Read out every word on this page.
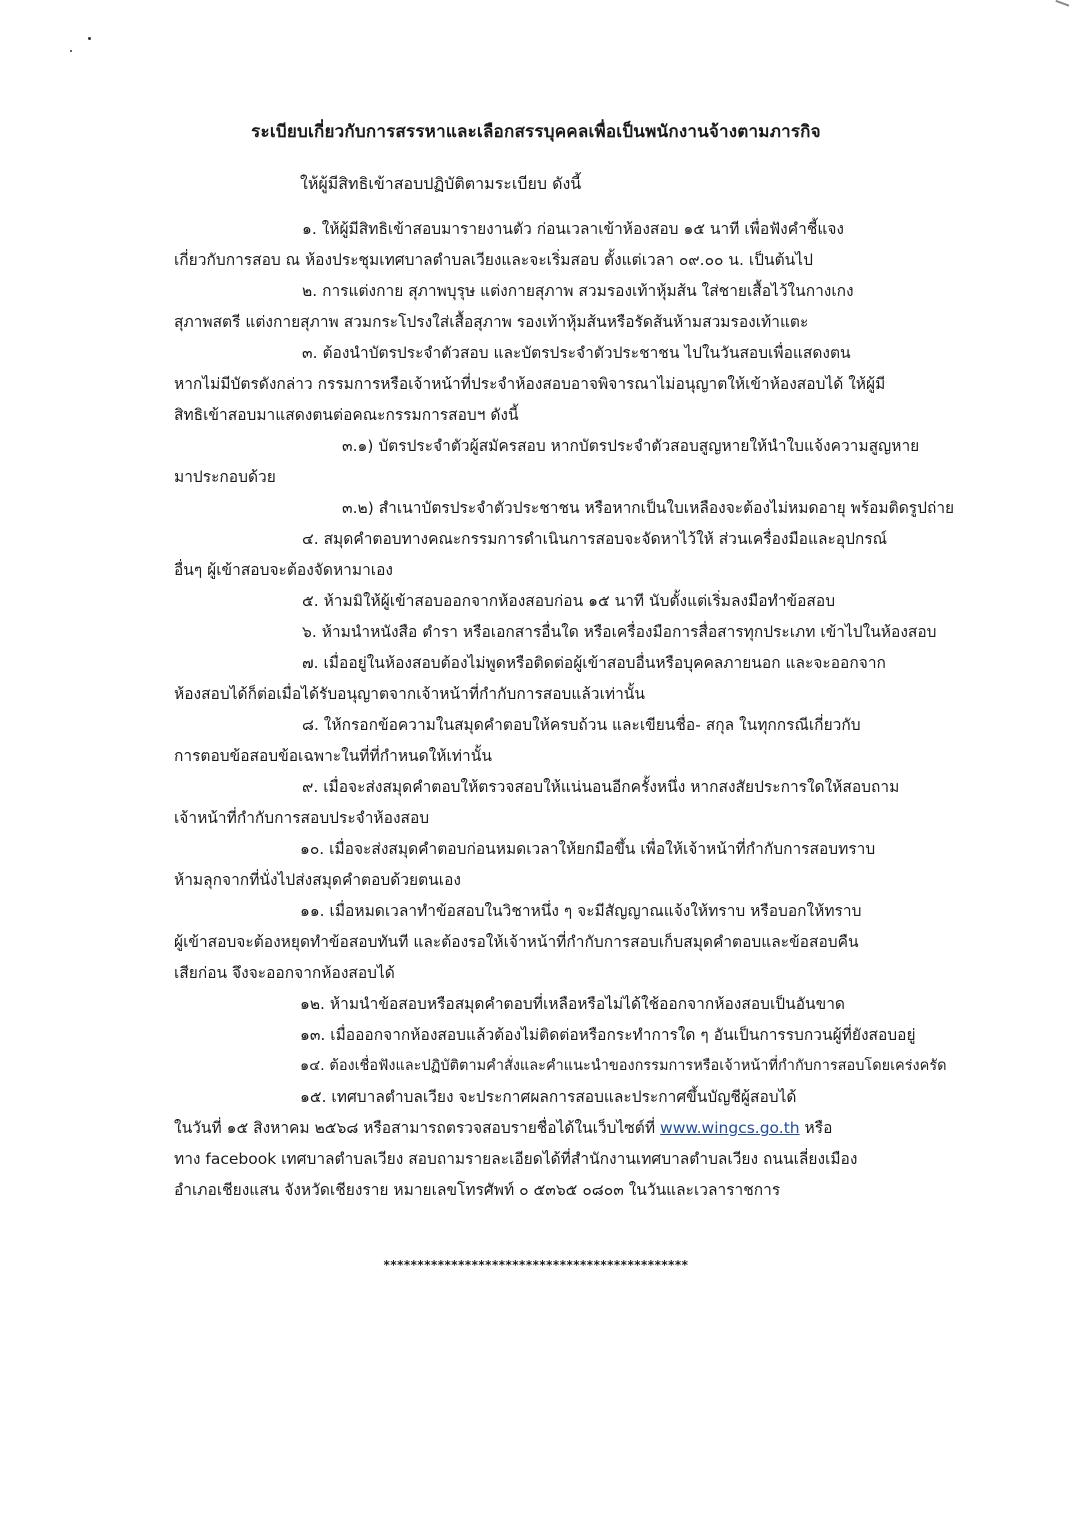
ระเบียบเกี่ยวกับการสรรหาและเลือกสรรบุคคลเพื่อเป็นพนักงานจ้างตามภารกิจ
ให้ผู้มีสิทธิเข้าสอบปฏิบัติตามระเบียบ ดังนี้

๑. ให้ผู้มีสิทธิเข้าสอบมารายงานตัว ก่อนเวลาเข้าห้องสอบ ๑๕ นาที เพื่อฟังคำชี้แจง
เกี่ยวกับการสอบ ณ ห้องประชุมเทศบาลตำบลเวียงและจะเริ่มสอบ ตั้งแต่เวลา ๐๙.๐๐ น. เป็นต้นไป

๒. การแต่งกาย สุภาพบุรุษ แต่งกายสุภาพ สวมรองเท้าหุ้มส้น ใส่ชายเสื้อไว้ในกางเกง
สุภาพสตรี แต่งกายสุภาพ สวมกระโปรงใส่เสื้อสุภาพ รองเท้าหุ้มส้นหรือรัดส้นห้ามสวมรองเท้าแตะ

๓. ต้องนำบัตรประจำตัวสอบ และบัตรประจำตัวประชาชน ไปในวันสอบเพื่อแสดงตน
หากไม่มีบัตรดังกล่าว กรรมการหรือเจ้าหน้าที่ประจำห้องสอบอาจพิจารณาไม่อนุญาตให้เข้าห้องสอบได้ ให้ผู้มี
สิทธิเข้าสอบมาแสดงตนต่อคณะกรรมการสอบฯ ดังนี้

๓.๑) บัตรประจำตัวผู้สมัครสอบ หากบัตรประจำตัวสอบสูญหายให้นำใบแจ้งความสูญหาย
มาประกอบด้วย

๓.๒) สำเนาบัตรประจำตัวประชาชน หรือหากเป็นใบเหลืองจะต้องไม่หมดอายุ พร้อมติดรูปถ่าย

๔. สมุดคำตอบทางคณะกรรมการดำเนินการสอบจะจัดหาไว้ให้ ส่วนเครื่องมือและอุปกรณ์
อื่นๆ ผู้เข้าสอบจะต้องจัดหามาเอง

๕. ห้ามมิให้ผู้เข้าสอบออกจากห้องสอบก่อน ๑๕ นาที นับตั้งแต่เริ่มลงมือทำข้อสอบ

๖. ห้ามนำหนังสือ ตำรา หรือเอกสารอื่นใด หรือเครื่องมือการสื่อสารทุกประเภท เข้าไปในห้องสอบ

๗. เมื่ออยู่ในห้องสอบต้องไม่พูดหรือติดต่อผู้เข้าสอบอื่นหรือบุคคลภายนอก และจะออกจาก
ห้องสอบได้ก็ต่อเมื่อได้รับอนุญาตจากเจ้าหน้าที่กำกับการสอบแล้วเท่านั้น

๘. ให้กรอกข้อความในสมุดคำตอบให้ครบถ้วน และเขียนชื่อ- สกุล ในทุกกรณีเกี่ยวกับ
การตอบข้อสอบข้อเฉพาะในที่ที่กำหนดให้เท่านั้น

๙. เมื่อจะส่งสมุดคำตอบให้ตรวจสอบให้แน่นอนอีกครั้งหนึ่ง หากสงสัยประการใดให้สอบถาม
เจ้าหน้าที่กำกับการสอบประจำห้องสอบ

๑๐. เมื่อจะส่งสมุดคำตอบก่อนหมดเวลาให้ยกมือขึ้น เพื่อให้เจ้าหน้าที่กำกับการสอบทราบ
ห้ามลุกจากที่นั่งไปส่งสมุดคำตอบด้วยตนเอง

๑๑. เมื่อหมดเวลาทำข้อสอบในวิชาหนึ่ง ๆ จะมีสัญญาณแจ้งให้ทราบ หรือบอกให้ทราบ
ผู้เข้าสอบจะต้องหยุดทำข้อสอบทันที และต้องรอให้เจ้าหน้าที่กำกับการสอบเก็บสมุดคำตอบและข้อสอบคืน
เสียก่อน จึงจะออกจากห้องสอบได้

๑๒. ห้ามนำข้อสอบหรือสมุดคำตอบที่เหลือหรือไม่ได้ใช้ออกจากห้องสอบเป็นอันขาด

๑๓. เมื่อออกจากห้องสอบแล้วต้องไม่ติดต่อหรือกระทำการใด ๆ อันเป็นการรบกวนผู้ที่ยังสอบอยู่

๑๔. ต้องเชื่อฟังและปฏิบัติตามคำสั่งและคำแนะนำของกรรมการหรือเจ้าหน้าที่กำกับการสอบโดยเคร่งครัด

๑๕. เทศบาลตำบลเวียง จะประกาศผลการสอบและประกาศขึ้นบัญชีผู้สอบได้
ในวันที่ ๑๕ สิงหาคม ๒๕๖๘ หรือสามารถตรวจสอบรายชื่อได้ในเว็บไซต์ที่ www.wingcs.go.th หรือ
ทาง facebook เทศบาลตำบลเวียง สอบถามรายละเอียดได้ที่สำนักงานเทศบาลตำบลเวียง ถนนเลี่ยงเมือง
อำเภอเชียงแสน จังหวัดเชียงราย หมายเลขโทรศัพท์ ๐ ๕๓๖๕ ๐๘๐๓ ในวันและเวลาราชการ

*********************************************
